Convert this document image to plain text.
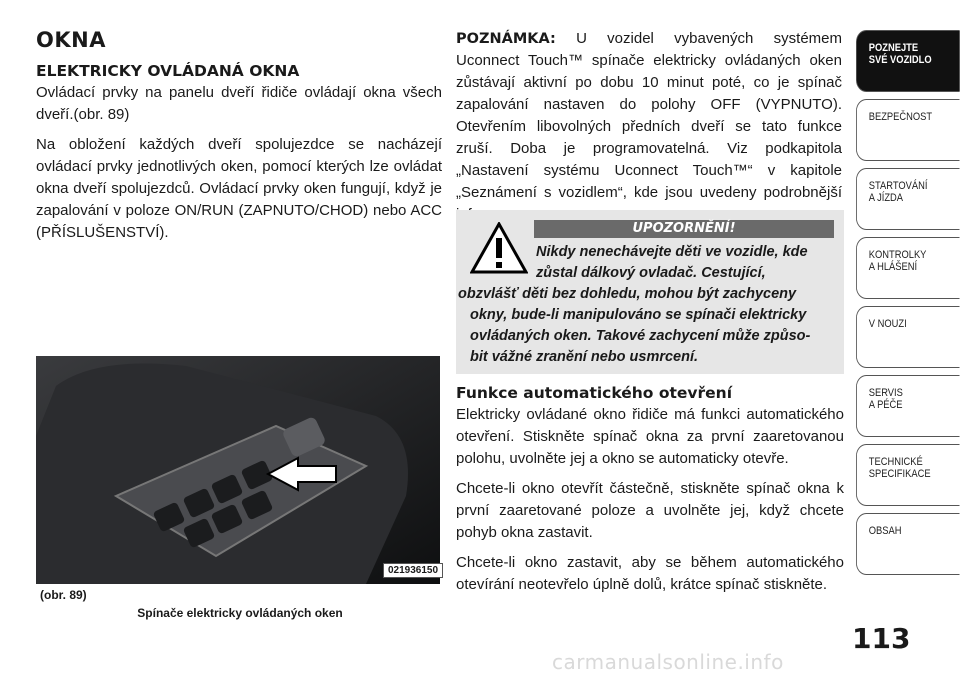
OKNA
ELEKTRICKY OVLÁDANÁ OKNA

Ovládací prvky na panelu dveří řidiče ovládají okna všech dveří.(obr. 89)

Na obložení každých dveří spolujezdce se nacházejí ovládací prvky jednotlivých oken, pomocí kterých lze ovládat okna dveří spolujezdců. Ovládací prvky oken fungují, když je zapalování v poloze ON/RUN (ZAPNUTO/CHOD) nebo ACC (PŘÍSLUŠENSTVÍ).

021936150
(obr. 89)
Spínače elektricky ovládaných oken

POZNÁMKA: U vozidel vybavených systémem Uconnect Touch™ spínače elektricky ovládaných oken zůstávají aktivní po dobu 10 minut poté, co je spínač zapalování nastaven do polohy OFF (VYPNUTO). Otevřením libovolných předních dveří se tato funkce zruší. Doba je programovatelná. Viz podkapitola „Nastavení systému Uconnect Touch™“ v kapitole „Seznámení s vozidlem“, kde jsou uvedeny podrobnější

UPOZORNĚNÍ!
Nikdy nenechávejte děti ve vozidle, kde
zůstal dálkový ovladač. Cestující,
obzvlášť děti bez dohledu, mohou být zachyceny
okny, bude-li manipulováno se spínači elektricky
ovládaných oken. Takové zachycení může způso-
bit vážné zranění nebo usmrcení.
Funkce automatického otevření

Elektricky ovládané okno řidiče má funkci automatického otevření. Stiskněte spínač okna za první zaaretovanou polohu, uvolněte jej a okno se automaticky otevře.

Chcete-li okno otevřít částečně, stiskněte spínač okna k první zaaretované poloze a uvolněte jej, když chcete pohyb okna zastavit.

Chcete-li okno zastavit, aby se během automatického otevírání neotevřelo úplně dolů, krátce spínač stiskněte.

POZNEJTE
SVÉ VOZIDLO
BEZPEČNOST

STARTOVÁNÍ
A JÍZDA
KONTROLKY
A HLÁŠENÍ
V NOUZI

SERVIS
A PÉČE
TECHNICKÉ
SPECIFIKACE
OBSAH

113
carmanualsonline.info
